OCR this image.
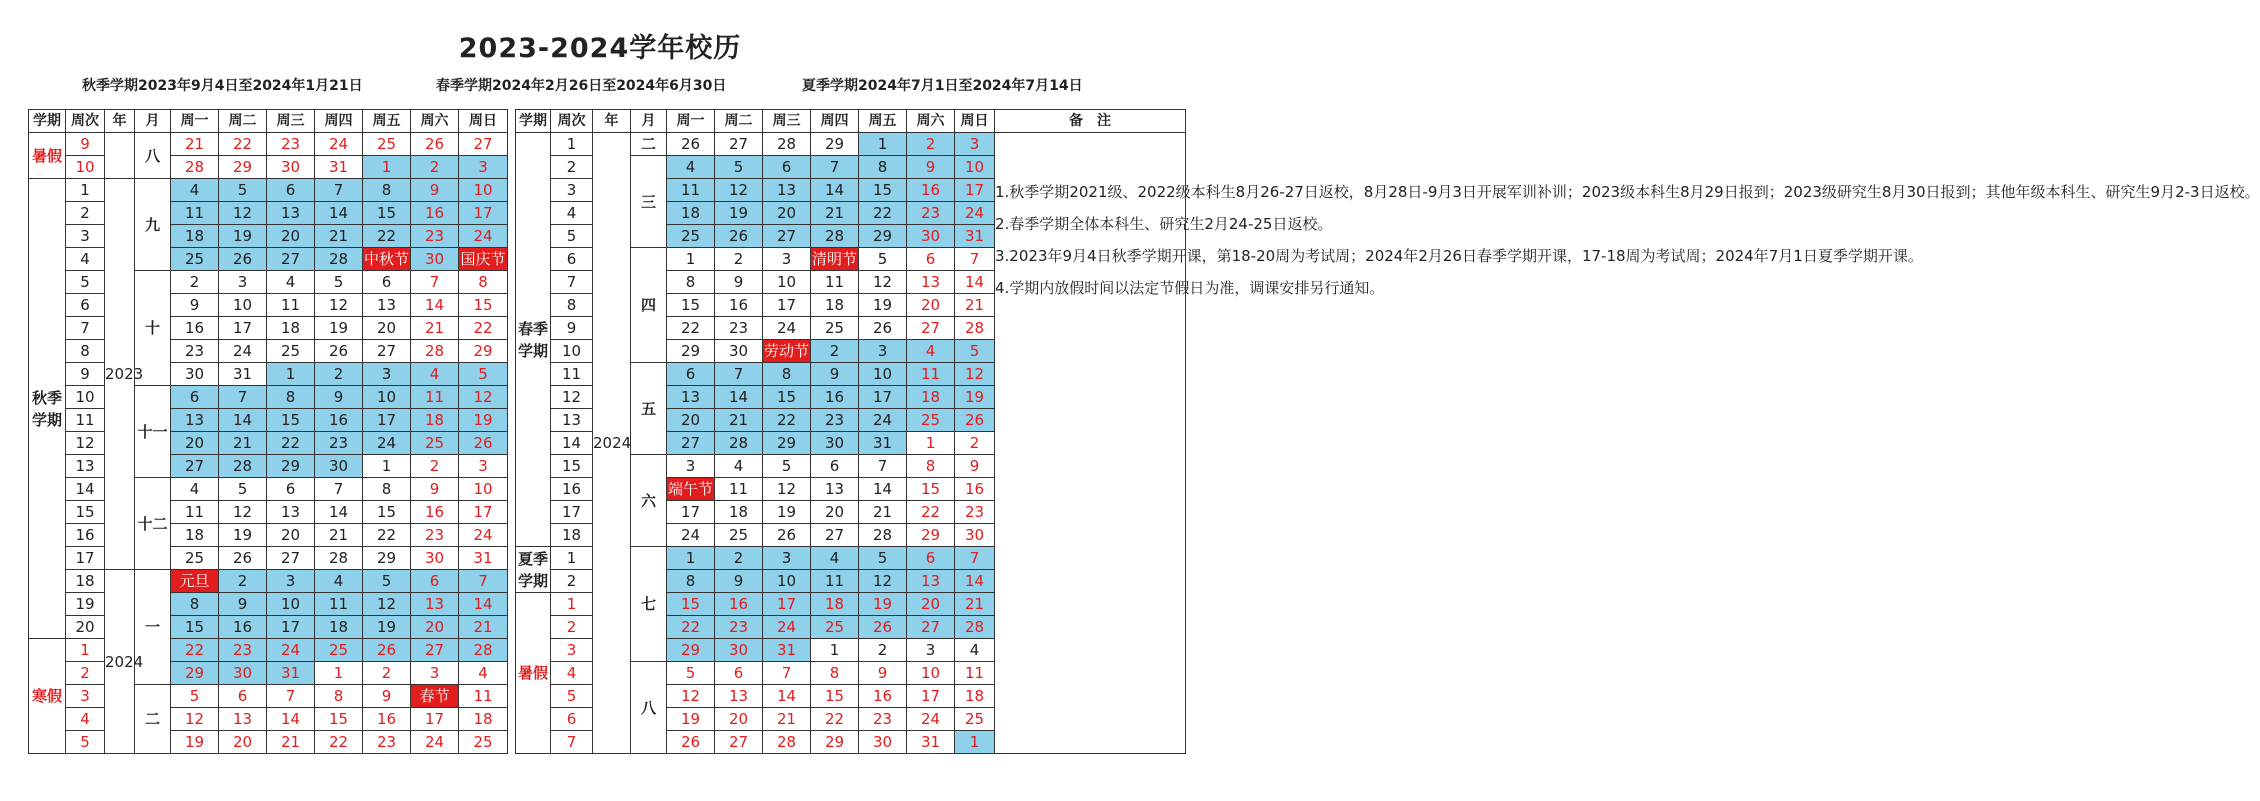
2023-2024学年校历
秋季学期2023年9月4日至2024年1月21日	春季学期2024年2月26日至2024年6月30日	夏季学期2024年7月1日至2024年7月14日
学期	周次	年	月	周一	周二	周三	周四	周五	周六	周日
暑假	9		八	21	22	23	24	25	26	27
	10			28	29	30	31	1	2	3
秋季学期	1	2023	九	4	5	6	7	8	9	10
	2			11	12	13	14	15	16	17
	3			18	19	20	21	22	23	24
	4			25	26	27	28	中秋节	30	国庆节
	5		十	2	3	4	5	6	7	8
	6			9	10	11	12	13	14	15
	7			16	17	18	19	20	21	22
	8			23	24	25	26	27	28	29
	9			30	31	1	2	3	4	5
	10		十一	6	7	8	9	10	11	12
	11			13	14	15	16	17	18	19
	12			20	21	22	23	24	25	26
	13			27	28	29	30	1	2	3
	14		十二	4	5	6	7	8	9	10
	15			11	12	13	14	15	16	17
	16			18	19	20	21	22	23	24
	17			25	26	27	28	29	30	31
	18	2024	一	元旦	2	3	4	5	6	7
	19			8	9	10	11	12	13	14
	20			15	16	17	18	19	20	21
寒假	1			22	23	24	25	26	27	28
	2			29	30	31	1	2	3	4
	3		二	5	6	7	8	9	春节	11
	4			12	13	14	15	16	17	18
	5			19	20	21	22	23	24	25
学期	周次	年	月	周一	周二	周三	周四	周五	周六	周日	备　注
春季学期	1	2024	二	26	27	28	29	1	2	3	1.秋季学期2021级、2022级本科生8月26-27日返校，8月28日-9月3日开展军训补训；2023级本科生8月29日报到；2023级研究生8月30日报到；其他年级本科生、研究生9月2-3日返校。
2.春季学期全体本科生、研究生2月24-25日返校。
3.2023年9月4日秋季学期开课，第18-20周为考试周；2024年2月26日春季学期开课，17-18周为考试周；2024年7月1日夏季学期开课。
4.学期内放假时间以法定节假日为准，调课安排另行通知。

	2		三	4	5	6	7	8	9	10	
	3			11	12	13	14	15	16	17	
	4			18	19	20	21	22	23	24	
	5			25	26	27	28	29	30	31	
	6		四	1	2	3	清明节	5	6	7	
	7			8	9	10	11	12	13	14	
	8			15	16	17	18	19	20	21	
	9			22	23	24	25	26	27	28	
	10			29	30	劳动节	2	3	4	5	
	11		五	6	7	8	9	10	11	12	
	12			13	14	15	16	17	18	19	
	13			20	21	22	23	24	25	26	
	14			27	28	29	30	31	1	2	
	15		六	3	4	5	6	7	8	9	
	16			端午节	11	12	13	14	15	16	
	17			17	18	19	20	21	22	23	
	18			24	25	26	27	28	29	30	
夏季学期	1		七	1	2	3	4	5	6	7	
	2			8	9	10	11	12	13	14	
暑假	1			15	16	17	18	19	20	21	
	2			22	23	24	25	26	27	28	
	3			29	30	31	1	2	3	4	
	4		八	5	6	7	8	9	10	11	
	5			12	13	14	15	16	17	18	
	6			19	20	21	22	23	24	25	
	7			26	27	28	29	30	31	1	
